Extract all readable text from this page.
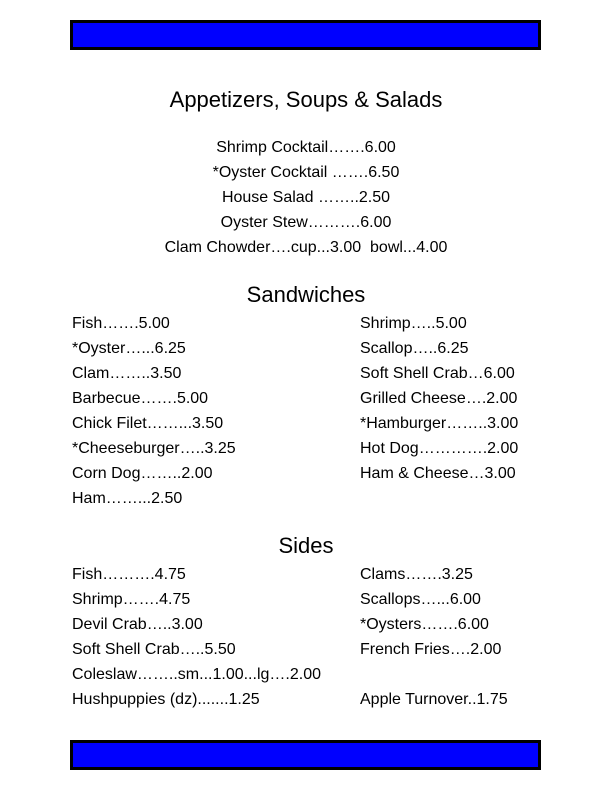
Appetizers, Soups & Salads
Shrimp Cocktail…….6.00
*Oyster Cocktail …….6.50
House Salad ……..2.50
Oyster Stew……….6.00
Clam Chowder….cup...3.00  bowl...4.00
Sandwiches
Fish…….5.00
*Oyster…...6.25
Clam……..3.50
Barbecue…….5.00
Chick Filet……...3.50
*Cheeseburger…..3.25
Corn Dog……..2.00
Ham……...2.50
Shrimp…..5.00
Scallop…..6.25
Soft Shell Crab…6.00
Grilled Cheese….2.00
*Hamburger……..3.00
Hot Dog………….2.00
Ham & Cheese…3.00
Sides
Fish……….4.75
Shrimp…….4.75
Devil Crab…..3.00
Soft Shell Crab…..5.50
Coleslaw……..sm...1.00...lg….2.00
Hushpuppies (dz).......1.25
Clams…….3.25
Scallops…...6.00
*Oysters…….6.00
French Fries….2.00
Apple Turnover..1.75
